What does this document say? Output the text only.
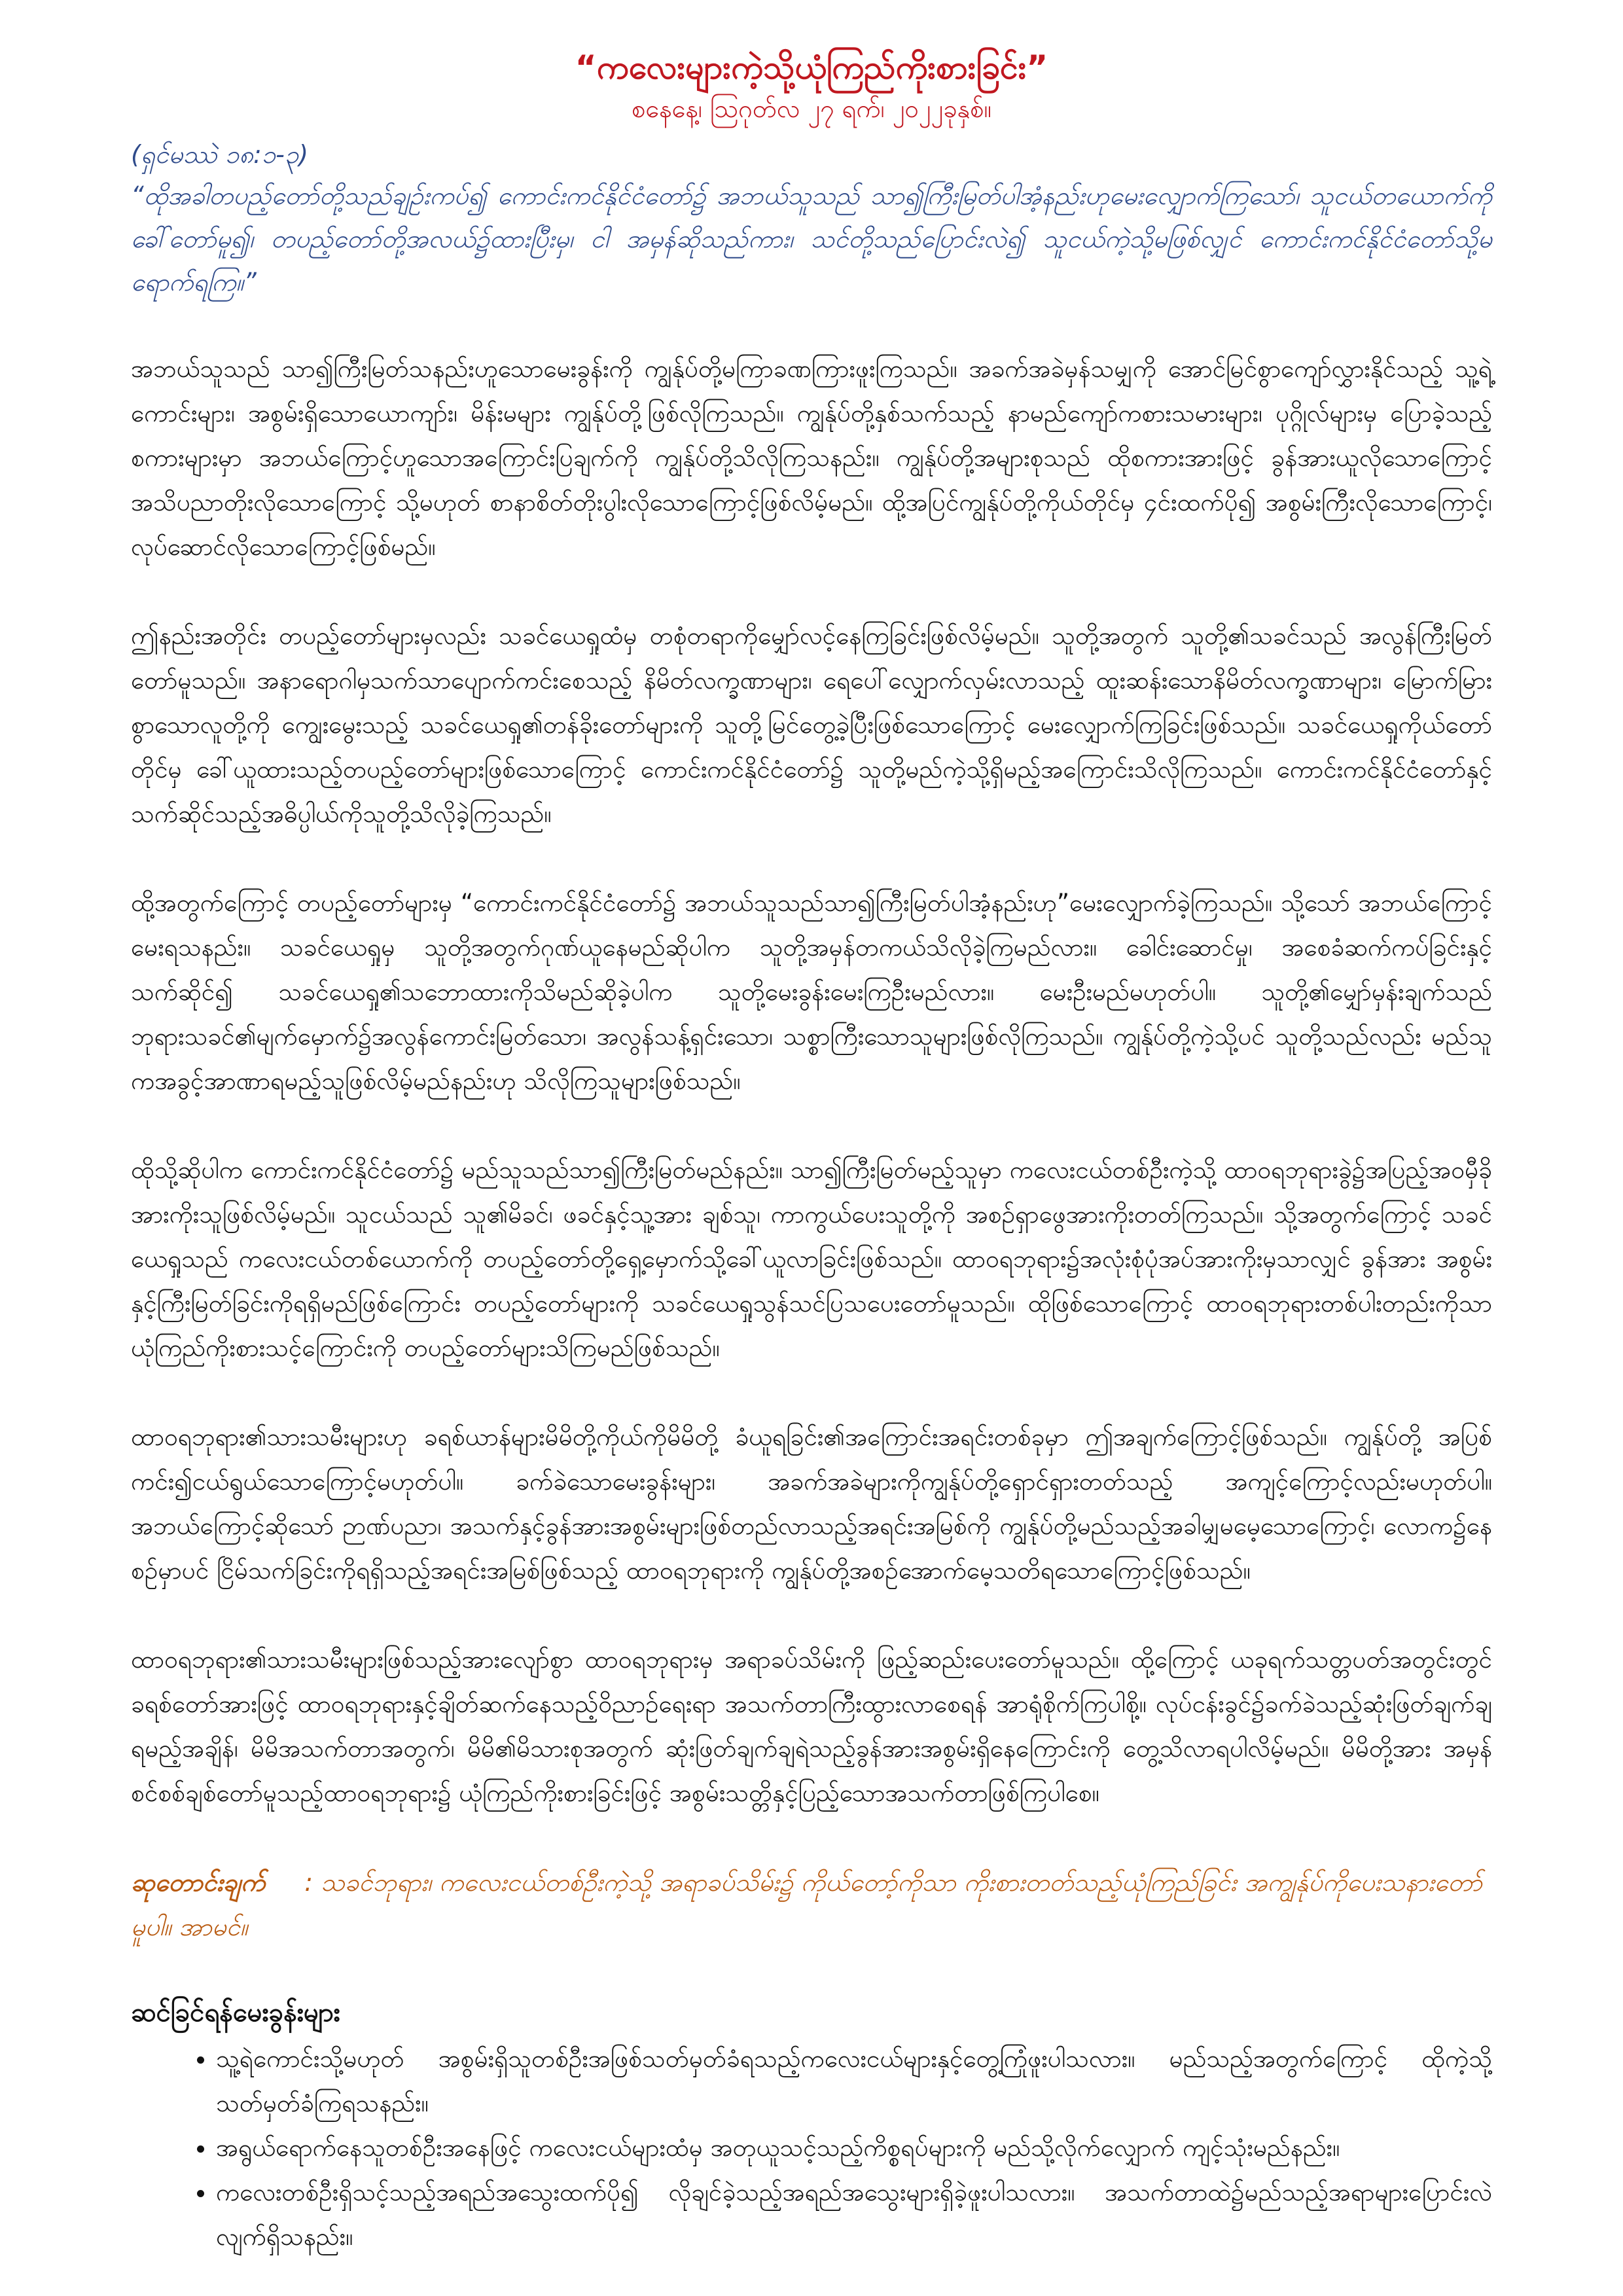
“ကလေးများကဲ့သို့ယုံကြည်ကိုးစားခြင်း”

စနေနေ့၊ ဩဂုတ်လ ၂၇ ရက်၊ ၂၀၂၂ခုနှစ်။

(ရှင်မဿဲ ၁၈:၁-၃)

“ထိုအခါတပည့်တော်တို့သည်ချဉ်းကပ်၍ ကောင်းကင်နိုင်ငံတော်၌ အဘယ်သူသည် သာ၍ကြီးမြတ်ပါအံ့နည်းဟုမေးလျှောက်ကြသော်၊ သူငယ်တယောက်ကိုခေါ်တော်မူ၍၊ တပည့်တော်တို့အလယ်၌ထားပြီးမှ၊ ငါ အမှန်ဆိုသည်ကား၊ သင်တို့သည်ပြောင်းလဲ၍ သူငယ်ကဲ့သို့မဖြစ်လျှင် ကောင်းကင်နိုင်ငံတော်သို့မရောက်ရကြ။”

အဘယ်သူသည် သာ၍ကြီးမြတ်သနည်းဟူသောမေးခွန်းကို ကျွန်ုပ်တို့မကြာခဏကြားဖူးကြသည်။ အခက်အခဲမှန်သမျှကို အောင်မြင်စွာကျော်လွှားနိုင်သည့် သူ့ရဲ့ကောင်းများ၊ အစွမ်းရှိသောယောကျာ်း၊ မိန်းမများ ကျွန်ုပ်တို့ဖြစ်လိုကြသည်။ ကျွန်ုပ်တို့နှစ်သက်သည့် နာမည်ကျော်ကစားသမားများ၊ ပုဂ္ဂိုလ်များမှ ပြောခဲ့သည့် စကားများမှာ အဘယ်ကြောင့်ဟူသောအကြောင်းပြချက်ကို ကျွန်ုပ်တို့သိလိုကြသနည်း။ ကျွန်ုပ်တို့အများစုသည် ထိုစကားအားဖြင့် ခွန်အားယူလိုသောကြောင့် အသိပညာတိုးလိုသောကြောင့် သို့မဟုတ် စာနာစိတ်တိုးပွါးလိုသောကြောင့်ဖြစ်လိမ့်မည်။ ထို့အပြင်ကျွန်ုပ်တို့ကိုယ်တိုင်မှ ၄င်းထက်ပို၍ အစွမ်းကြီးလိုသောကြောင့်၊ လုပ်ဆောင်လိုသောကြောင့်ဖြစ်မည်။

ဤနည်းအတိုင်း တပည့်တော်များမှလည်း သခင်ယေရှုထံမှ တစုံတရာကိုမျှော်လင့်နေကြခြင်းဖြစ်လိမ့်မည်။ သူတို့အတွက် သူတို့၏သခင်သည် အလွန်ကြီးမြတ်တော်မူသည်။ အနာရောဂါမှသက်သာပျောက်ကင်းစေသည့် နိမိတ်လက္ခဏာများ၊ ရေပေါ်လျှောက်လှမ်းလာသည့် ထူးဆန်းသောနိမိတ်လက္ခဏာများ၊ မြောက်မြားစွာသောလူတို့ကို ကျွေးမွေးသည့် သခင်ယေရှု၏တန်ခိုးတော်များကို သူတို့မြင်တွေ့ခဲ့ပြီးဖြစ်သောကြောင့် မေးလျှောက်ကြခြင်းဖြစ်သည်။ သခင်ယေရှုကိုယ်တော်တိုင်မှ ခေါ်ယူထားသည့်တပည့်တော်များဖြစ်သောကြောင့် ကောင်းကင်နိုင်ငံတော်၌ သူတို့မည်ကဲ့သို့ရှိမည့်အကြောင်းသိလိုကြသည်။ ကောင်းကင်နိုင်ငံတော်နှင့်သက်ဆိုင်သည့်အဓိပ္ပါယ်ကိုသူတို့သိလိုခဲ့ကြသည်။

ထို့အတွက်ကြောင့် တပည့်တော်များမှ “ကောင်းကင်နိုင်ငံတော်၌ အဘယ်သူသည်သာ၍ကြီးမြတ်ပါအံ့နည်းဟု”မေးလျှောက်ခဲ့ကြသည်။ သို့သော် အဘယ်ကြောင့်မေးရသနည်း။ သခင်ယေရှုမှ သူတို့အတွက်ဂုဏ်ယူနေမည်ဆိုပါက သူတို့အမှန်တကယ်သိလိုခဲ့ကြမည်လား။ ခေါင်းဆောင်မှု၊ အစေခံဆက်ကပ်ခြင်းနှင့် သက်ဆိုင်၍ သခင်ယေရှု၏သဘောထားကိုသိမည်ဆိုခဲ့ပါက သူတို့မေးခွန်းမေးကြဦးမည်လား။ မေးဦးမည်မဟုတ်ပါ။ သူတို့၏မျှော်မှန်းချက်သည် ဘုရားသခင်၏မျက်မှောက်၌အလွန်ကောင်းမြတ်သော၊ အလွန်သန့်ရှင်းသော၊ သစ္စာကြီးသောသူများဖြစ်လိုကြသည်။ ကျွန်ုပ်တို့ကဲ့သို့ပင် သူတို့သည်လည်း မည်သူကအခွင့်အာဏာရမည့်သူဖြစ်လိမ့်မည်နည်းဟု သိလိုကြသူများဖြစ်သည်။

ထိုသို့ဆိုပါက ကောင်းကင်နိုင်ငံတော်၌ မည်သူသည်သာ၍ကြီးမြတ်မည်နည်း။ သာ၍ကြီးမြတ်မည့်သူမှာ ကလေးငယ်တစ်ဦးကဲ့သို့ ထာဝရဘုရားခွဲ၌အပြည့်အဝမှီခိုအားကိုးသူဖြစ်လိမ့်မည်။ သူငယ်သည် သူ၏မိခင်၊ ဖခင်နှင့်သူ့အား ချစ်သူ၊ ကာကွယ်ပေးသူတို့ကို အစဉ်ရှာဖွေအားကိုးတတ်ကြသည်။ သို့အတွက်ကြောင့် သခင်ယေရှုသည် ကလေးငယ်တစ်ယောက်ကို တပည့်တော်တို့ရှေ့မှောက်သို့ခေါ်ယူလာခြင်းဖြစ်သည်။ ထာဝရဘုရား၌အလုံးစုံပုံအပ်အားကိုးမှသာလျှင် ခွန်အား အစွမ်းနှင့်ကြီးမြတ်ခြင်းကိုရရှိမည်ဖြစ်ကြောင်း တပည့်တော်များကို သခင်ယေရှုသွန်သင်ပြသပေးတော်မူသည်။ ထိုဖြစ်သောကြောင့် ထာဝရဘုရားတစ်ပါးတည်းကိုသာယုံကြည်ကိုးစားသင့်ကြောင်းကို တပည့်တော်များသိကြမည်ဖြစ်သည်။

ထာဝရဘုရား၏သားသမီးများဟု ခရစ်ယာန်များမိမိတို့ကိုယ်ကိုမိမိတို့ ခံယူရခြင်း၏အကြောင်းအရင်းတစ်ခုမှာ ဤအချက်ကြောင့်ဖြစ်သည်။ ကျွန်ုပ်တို့ အပြစ်ကင်း၍ငယ်ရွယ်သောကြောင့်မဟုတ်ပါ။ ခက်ခဲသောမေးခွန်းများ၊ အခက်အခဲများကိုကျွန်ုပ်တို့ရှောင်ရှားတတ်သည့် အကျင့်ကြောင့်လည်းမဟုတ်ပါ။ အဘယ်ကြောင့်ဆိုသော် ဉာဏ်ပညာ၊ အသက်နှင့်ခွန်အားအစွမ်းများဖြစ်တည်လာသည့်အရင်းအမြစ်ကို ကျွန်ုပ်တို့မည်သည့်အခါမျှမမေ့သောကြောင့်၊ လောက၌နေစဉ်မှာပင် ငြိမ်သက်ခြင်းကိုရရှိသည့်အရင်းအမြစ်ဖြစ်သည့် ထာဝရဘုရားကို ကျွန်ုပ်တို့အစဉ်အောက်မေ့သတိရသောကြောင့်ဖြစ်သည်။

ထာဝရဘုရား၏သားသမီးများဖြစ်သည့်အားလျော်စွာ ထာဝရဘုရားမှ အရာခပ်သိမ်းကို ဖြည့်ဆည်းပေးတော်မူသည်။ ထို့ကြောင့် ယခုရက်သတ္တပတ်အတွင်းတွင် ခရစ်တော်အားဖြင့် ထာဝရဘုရားနှင့်ချိတ်ဆက်နေသည့်ဝိညာဉ်ရေးရာ အသက်တာကြီးထွားလာစေရန် အာရုံစိုက်ကြပါစို့။ လုပ်ငန်းခွင်၌ခက်ခဲသည့်ဆုံးဖြတ်ချက်ချရမည့်အချိန်၊ မိမိအသက်တာအတွက်၊ မိမိ၏မိသားစုအတွက် ဆုံးဖြတ်ချက်ချရဲသည့်ခွန်အားအစွမ်းရှိနေကြောင်းကို တွေ့သိလာရပါလိမ့်မည်။ မိမိတို့အား အမှန်စင်စစ်ချစ်တော်မူသည့်ထာဝရဘုရား၌ ယုံကြည်ကိုးစားခြင်းဖြင့် အစွမ်းသတ္တိနှင့်ပြည့်သောအသက်တာဖြစ်ကြပါစေ။

ဆုတောင်းချက် : သခင်ဘုရား၊ ကလေးငယ်တစ်ဦးကဲ့သို့ အရာခပ်သိမ်း၌ ကိုယ်တော့်ကိုသာ ကိုးစားတတ်သည့်ယုံကြည်ခြင်း အကျွန်ုပ်ကိုပေးသနားတော်မူပါ။ အာမင်။

ဆင်ခြင်ရန်မေးခွန်းများ

• သူ့ရဲကောင်းသို့မဟုတ် အစွမ်းရှိသူတစ်ဦးအဖြစ်သတ်မှတ်ခံရသည့်ကလေးငယ်များနှင့်တွေ့ကြုံဖူးပါသလား။ မည်သည့်အတွက်ကြောင့် ထိုကဲ့သို့သတ်မှတ်ခံကြရသနည်း။
• အရွယ်ရောက်နေသူတစ်ဦးအနေဖြင့် ကလေးငယ်များထံမှ အတုယူသင့်သည့်ကိစ္စရပ်များကို မည်သို့လိုက်လျှောက် ကျင့်သုံးမည်နည်း။
• ကလေးတစ်ဦးရှိသင့်သည့်အရည်အသွေးထက်ပို၍ လိုချင်ခဲ့သည့်အရည်အသွေးများရှိခဲ့ဖူးပါသလား။ အသက်တာထဲ၌မည်သည့်အရာများပြောင်းလဲလျက်ရှိသနည်း။
